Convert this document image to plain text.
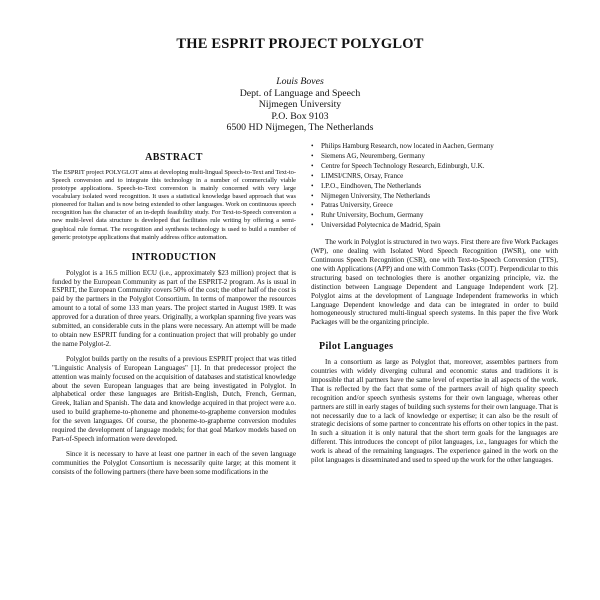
THE ESPRIT PROJECT POLYGLOT
Louis Boves
Dept. of Language and Speech
Nijmegen University
P.O. Box 9103
6500 HD Nijmegen, The Netherlands
ABSTRACT

The ESPRIT project POLYGLOT aims at developing multi-lingual Speech-to-Text and Text-to-Speech conversion and to integrate this technology in a number of commercially viable prototype applications. Speech-to-Text conversion is mainly concerned with very large vocabulary isolated word recognition. It uses a statistical knowledge based approach that was pioneered for Italian and is now being extended to other languages. Work on continuous speech recognition has the character of an in-depth feasibility study. For Text-to-Speech conversion a new multi-level data structure is developed that facilitates rule writing by offering a semi-graphical rule format. The recognition and synthesis technology is used to build a number of generic prototype applications that mainly address office automation.

INTRODUCTION

Polyglot is a 16.5 million ECU (i.e., approximately $23 million) project that is funded by the European Community as part of the ESPRIT-2 program. As is usual in ESPRIT, the European Community covers 50% of the cost; the other half of the cost is paid by the partners in the Polyglot Consortium. In terms of manpower the resources amount to a total of some 133 man years. The project started in August 1989. It was approved for a duration of three years. Originally, a workplan spanning five years was submitted, an considerable cuts in the plans were necessary. An attempt will be made to obtain new ESPRIT funding for a continuation project that will probably go under the name Polyglot-2.

Polyglot builds partly on the results of a previous ESPRIT project that was titled "Linguistic Analysis of European Languages" [1]. In that predecessor project the attention was mainly focused on the acquisition of databases and statistical knowledge about the seven European languages that are being investigated in Polyglot. In alphabetical order these languages are British-English, Dutch, French, German, Greek, Italian and Spanish. The data and knowledge acquired in that project were a.o. used to build grapheme-to-phoneme and phoneme-to-grapheme conversion modules for the seven languages. Of course, the phoneme-to-grapheme conversion modules required the development of language models; for that goal Markov models based on Part-of-Speech information were developed.

Since it is necessary to have at least one partner in each of the seven language communities the Polyglot Consortium is necessarily quite large; at this moment it consists of the following partners (there have been some modifications in the

• Philips Hamburg Research, now located in Aachen, Germany
• Siemens AG, Neuremberg, Germany
• Centre for Speech Technology Research, Edinburgh, U.K.
• LIMSI/CNRS, Orsay, France
• I.P.O., Eindhoven, The Netherlands
• Nijmegen University, The Netherlands
• Patras University, Greece
• Ruhr University, Bochum, Germany
• Universidad Polytecnica de Madrid, Spain

The work in Polyglot is structured in two ways. First there are five Work Packages (WP), one dealing with Isolated Word Speech Recognition (IWSR), one with Continuous Speech Recognition (CSR), one with Text-to-Speech Conversion (TTS), one with Applications (APP) and one with Common Tasks (COT). Perpendicular to this structuring based on technologies there is another organizing principle, viz. the distinction between Language Dependent and Language Independent work [2]. Polyglot aims at the development of Language Independent frameworks in which Language Dependent knowledge and data can be integrated in order to build homogeneously structured multi-lingual speech systems. In this paper the five Work Packages will be the organizing principle.

Pilot Languages

In a consortium as large as Polyglot that, moreover, assembles partners from countries with widely diverging cultural and economic status and traditions it is impossible that all partners have the same level of expertise in all aspects of the work. That is reflected by the fact that some of the partners avail of high quality speech recognition and/or speech synthesis systems for their own language, whereas other partners are still in early stages of building such systems for their own language. That is not necessarily due to a lack of knowledge or expertise; it can also be the result of strategic decisions of some partner to concentrate his efforts on other topics in the past. In such a situation it is only natural that the short term goals for the languages are different. This introduces the concept of pilot languages, i.e., languages for which the work is ahead of the remaining languages. The experience gained in the work on the pilot languages is disseminated and used to speed up the work for the other languages.
